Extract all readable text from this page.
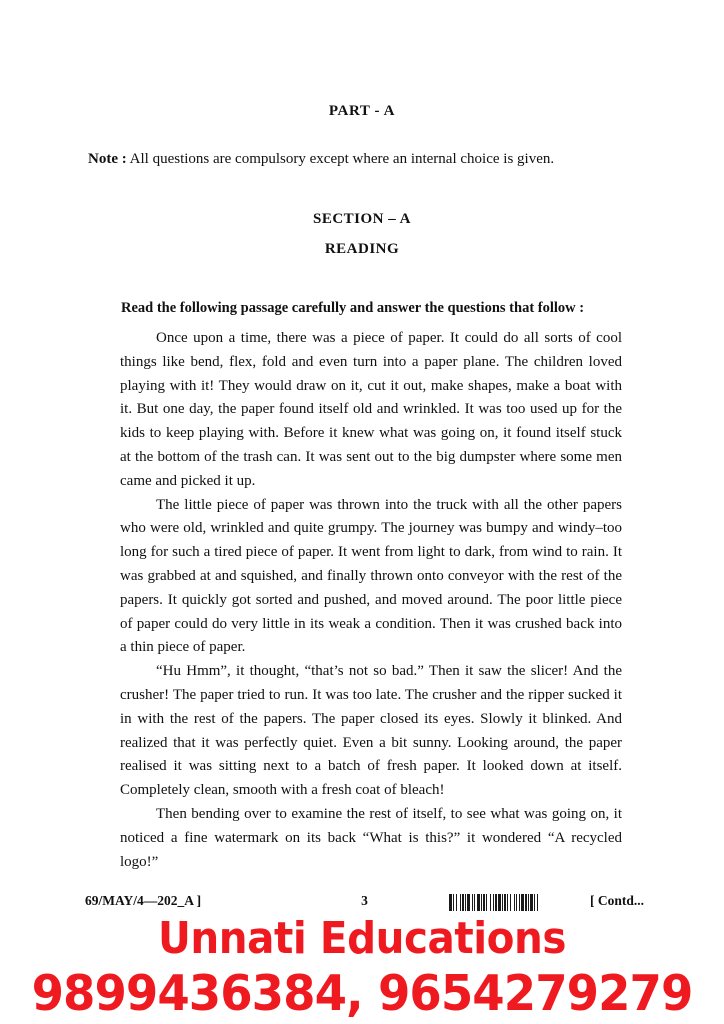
PART - A
Note : All questions are compulsory except where an internal choice is given.
SECTION – A
READING
Read the following passage carefully and answer the questions that follow :

Once upon a time, there was a piece of paper. It could do all sorts of cool things like bend, flex, fold and even turn into a paper plane. The children loved playing with it! They would draw on it, cut it out, make shapes, make a boat with it. But one day, the paper found itself old and wrinkled. It was too used up for the kids to keep playing with. Before it knew what was going on, it found itself stuck at the bottom of the trash can. It was sent out to the big dumpster where some men came and picked it up.

The little piece of paper was thrown into the truck with all the other papers who were old, wrinkled and quite grumpy. The journey was bumpy and windy–too long for such a tired piece of paper. It went from light to dark, from wind to rain. It was grabbed at and squished, and finally thrown onto conveyor with the rest of the papers. It quickly got sorted and pushed, and moved around. The poor little piece of paper could do very little in its weak a condition. Then it was crushed back into a thin piece of paper.

“Hu Hmm”, it thought, “that’s not so bad.” Then it saw the slicer! And the crusher! The paper tried to run. It was too late. The crusher and the ripper sucked it in with the rest of the papers. The paper closed its eyes. Slowly it blinked. And realized that it was perfectly quiet. Even a bit sunny. Looking around, the paper realised it was sitting next to a batch of fresh paper. It looked down at itself. Completely clean, smooth with a fresh coat of bleach!

Then bending over to examine the rest of itself, to see what was going on, it noticed a fine watermark on its back “What is this?” it wondered “A recycled logo!”

69/MAY/4—202_A ]	3	[ Contd...
Unnati Educations
9899436384, 9654279279
